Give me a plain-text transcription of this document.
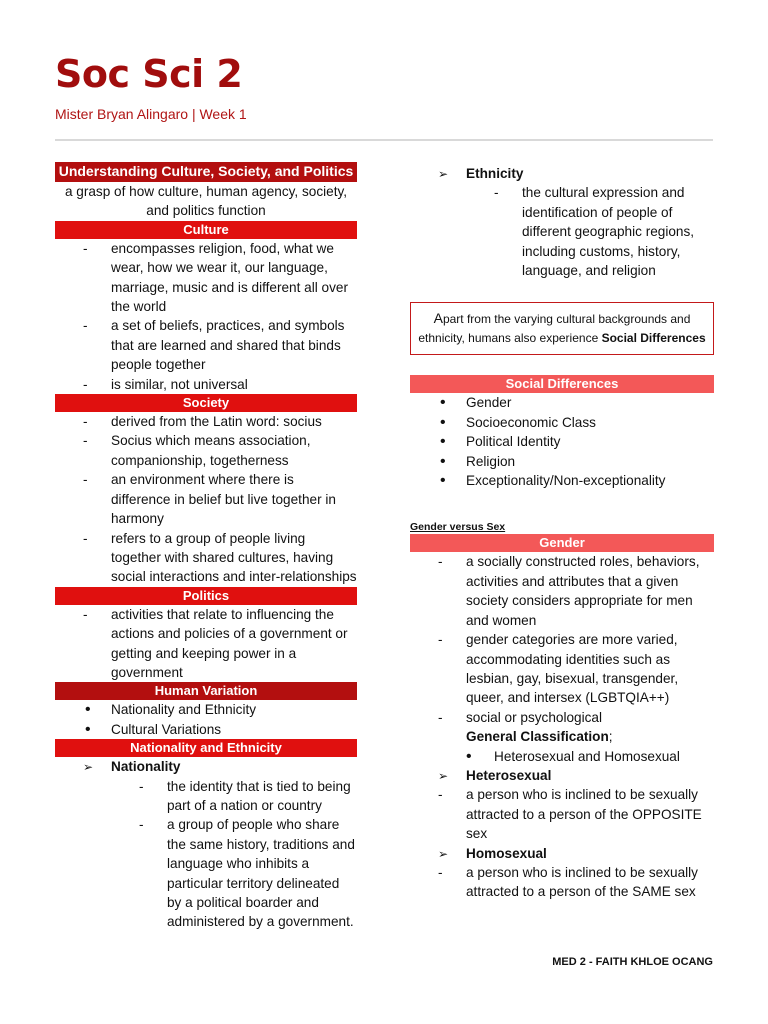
Soc Sci 2
Mister Bryan Alingaro | Week 1
Understanding Culture, Society, and Politics
a grasp of how culture, human agency, society, and politics function
Culture
- encompasses religion, food, what we wear, how we wear it, our language, marriage, music and is different all over the world
- a set of beliefs, practices, and symbols that are learned and shared that binds people together
- is similar, not universal
Society
- derived from the Latin word: socius
- Socius which means association, companionship, togetherness
- an environment where there is difference in belief but live together in harmony
- refers to a group of people living together with shared cultures, having social interactions and inter-relationships
Politics
- activities that relate to influencing the actions and policies of a government or getting and keeping power in a government
Human Variation
• Nationality and Ethnicity
• Cultural Variations
Nationality and Ethnicity
➢ Nationality
- the identity that is tied to being part of a nation or country
- a group of people who share the same history, traditions and language who inhibits a particular territory delineated by a political boarder and administered by a government.
➢ Ethnicity
- the cultural expression and identification of people of different geographic regions, including customs, history, language, and religion
Apart from the varying cultural backgrounds and ethnicity, humans also experience Social Differences
Social Differences
• Gender
• Socioeconomic Class
• Political Identity
• Religion
• Exceptionality/Non-exceptionality
Gender versus Sex
Gender
- a socially constructed roles, behaviors, activities and attributes that a given society considers appropriate for men and women
- gender categories are more varied, accommodating identities such as lesbian, gay, bisexual, transgender, queer, and intersex (LGBTQIA++)
- social or psychological
General Classification;
• Heterosexual and Homosexual
➢ Heterosexual
- a person who is inclined to be sexually attracted to a person of the OPPOSITE sex
➢ Homosexual
- a person who is inclined to be sexually attracted to a person of the SAME sex
MED 2 - FAITH KHLOE OCANG
